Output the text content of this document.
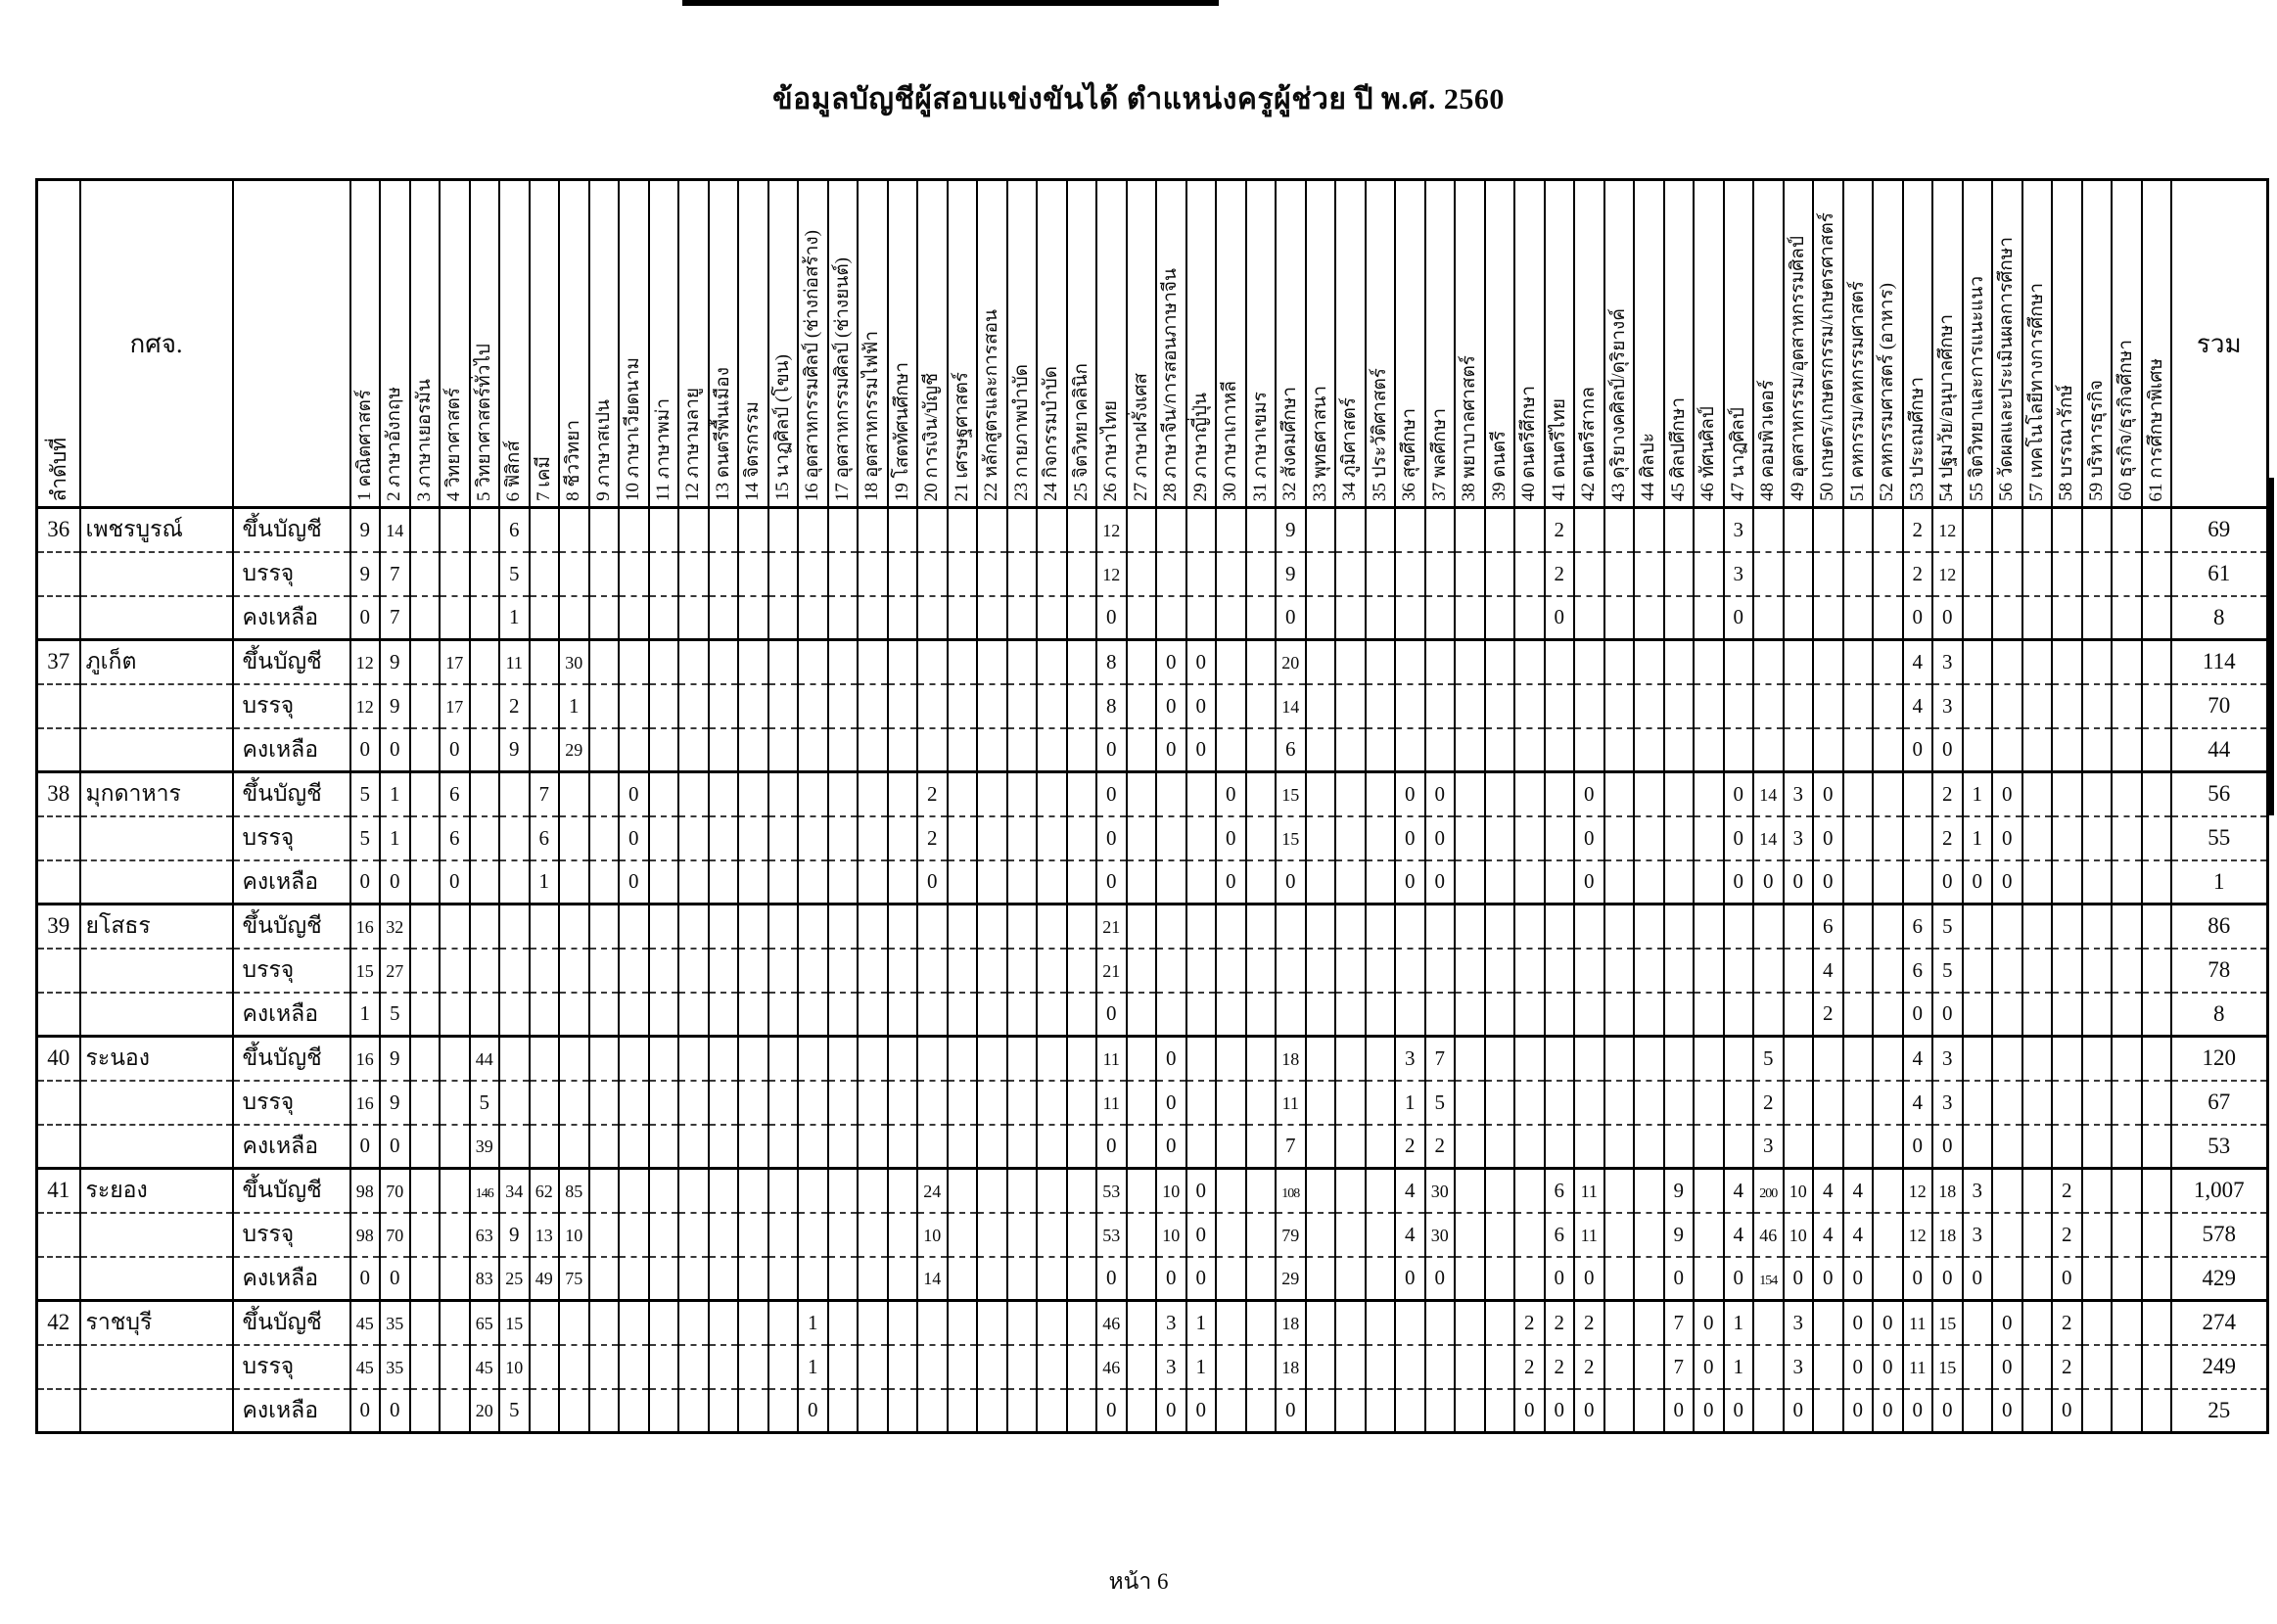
ข้อมูลบัญชีผู้สอบแข่งขันได้ ตำแหน่งครูผู้ช่วย ปี พ.ศ. 2560
ลำดับที่	กศจ.		1 คณิตศาสตร์	2 ภาษาอังกฤษ	3 ภาษาเยอรมัน	4 วิทยาศาสตร์	5 วิทยาศาสตร์ทั่วไป	6 ฟิสิกส์	7 เคมี	8 ชีววิทยา	9 ภาษาสเปน	10 ภาษาเวียดนาม	11 ภาษาพม่า	12 ภาษามลายู	13 ดนตรีพื้นเมือง	14 จิตรกรรม	15 นาฏศิลป์ (โขน)	16 อุตสาหกรรมศิลป์ (ช่างก่อสร้าง)	17 อุตสาหกรรมศิลป์ (ช่างยนต์)	18 อุตสาหกรรมไฟฟ้า	19 โสตทัศนศึกษา	20 การเงิน/บัญชี	21 เศรษฐศาสตร์	22 หลักสูตรและการสอน	23 กายภาพบำบัด	24 กิจกรรมบำบัด	25 จิตวิทยาคลินิก	26 ภาษาไทย	27 ภาษาฝรั่งเศส	28 ภาษาจีน/การสอนภาษาจีน	29 ภาษาญี่ปุ่น	30 ภาษาเกาหลี	31 ภาษาเขมร	32 สังคมศึกษา	33 พุทธศาสนา	34 ภูมิศาสตร์	35 ประวัติศาสตร์	36 สุขศึกษา	37 พลศึกษา	38 พยาบาลศาสตร์	39 ดนตรี	40 ดนตรีศึกษา	41 ดนตรีไทย	42 ดนตรีสากล	43 ดุริยางคศิลป์/ดุริยางค์	44 ศิลปะ	45 ศิลปศึกษา	46 ทัศนศิลป์	47 นาฏศิลป์	48 คอมพิวเตอร์	49 อุตสาหกรรม/อุตสาหกรรมศิลป์	50 เกษตร/เกษตรกรรม/เกษตรศาสตร์	51 คหกรรม/คหกรรมศาสตร์	52 คหกรรมศาสตร์ (อาหาร)	53 ประถมศึกษา	54 ปฐมวัย/อนุบาลศึกษา	55 จิตวิทยาและการแนะแนว	56 วัดผลและประเมินผลการศึกษา	57 เทคโนโลยีทางการศึกษา	58 บรรณารักษ์	59 บริหารธุรกิจ	60 ธุรกิจ/ธุรกิจศึกษา	61 การศึกษาพิเศษ	รวม
36	เพชรบูรณ์	ขึ้นบัญชี	9	14				6																				12						9									2						3						2	12								69
		บรรจุ	9	7				5																				12						9									2						3						2	12								61
		คงเหลือ	0	7				1																				0						0									0						0						0	0								8
37	ภูเก็ต	ขึ้นบัญชี	12	9		17		11		30																		8		0	0			20																					4	3								114
		บรรจุ	12	9		17		2		1																		8		0	0			14																					4	3								70
		คงเหลือ	0	0		0		9		29																		0		0	0			6																					0	0								44
38	มุกดาหาร	ขึ้นบัญชี	5	1		6			7			0										2						0				0		15				0	0					0					0	14	3	0				2	1	0						56
		บรรจุ	5	1		6			6			0										2						0				0		15				0	0					0					0	14	3	0				2	1	0						55
		คงเหลือ	0	0		0			1			0										0						0				0		0				0	0					0					0	0	0	0				0	0	0						1
39	ยโสธร	ขึ้นบัญชี	16	32																								21																								6			6	5								86
		บรรจุ	15	27																								21																								4			6	5								78
		คงเหลือ	1	5																								0																								2			0	0								8
40	ระนอง	ขึ้นบัญชี	16	9			44																					11		0				18				3	7											5					4	3								120
		บรรจุ	16	9			5																					11		0				11				1	5											2					4	3								67
		คงเหลือ	0	0			39																					0		0				7				2	2											3					0	0								53
41	ระยอง	ขึ้นบัญชี	98	70			146	34	62	85												24						53		10	0			108				4	30				6	11			9		4	200	10	4	4		12	18	3			2				1,007
		บรรจุ	98	70			63	9	13	10												10						53		10	0			79				4	30				6	11			9		4	46	10	4	4		12	18	3			2				578
		คงเหลือ	0	0			83	25	49	75												14						0		0	0			29				0	0				0	0			0		0	154	0	0	0		0	0	0			0				429
42	ราชบุรี	ขึ้นบัญชี	45	35			65	15										1										46		3	1			18								2	2	2			7	0	1		3		0	0	11	15		0		2				274
		บรรจุ	45	35			45	10										1										46		3	1			18								2	2	2			7	0	1		3		0	0	11	15		0		2				249
		คงเหลือ	0	0			20	5										0										0		0	0			0								0	0	0			0	0	0		0		0	0	0	0		0		0				25
หน้า 6
